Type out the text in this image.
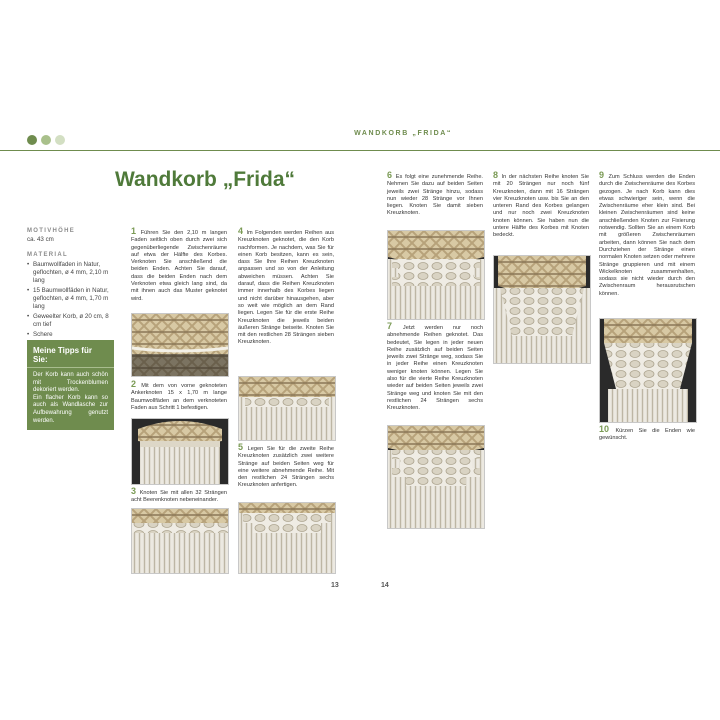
WANDKORB „FRIDA“
Wandkorb „Frida“
MOTIVHÖHE
ca. 43 cm
MATERIAL
• Baumwollfaden in Natur, geflochten, ø 4 mm, 2,10 m lang
• 15 Baumwollfäden in Natur, geflochten, ø 4 mm, 1,70 m lang
• Geweelter Korb, ø 20 cm, 8 cm tief
• Schere
Meine Tipps für Sie:
Der Korb kann auch schön mit Trockenblumen dekoriert werden.
Ein flacher Korb kann so auch als Wandlasche zur Aufbewahrung genutzt werden.
1 Führen Sie den 2,10 m langen Faden seitlich oben durch zwei sich gegenüberliegende Zwischenräume auf etwa der Hälfte des Korbes. Verknoten Sie anschließend die beiden Enden. Achten Sie darauf, dass die beiden Enden nach dem Verknoten etwa gleich lang sind, da mit ihnen auch das Muster geknotet wird.
2 Mit dem von vorne geknoteten Ankerknoten 15 x 1,70 m lange Baumwollfäden an dem verknoteten Faden aus Schritt 1 befestigen.
3 Knoten Sie mit allen 32 Strängen acht Beerenknoten nebeneinander.
4 Im Folgenden werden Reihen aus Kreuzknoten geknotet, die den Korb nachformen. Je nachdem, was Sie für einen Korb besitzen, kann es sein, dass Sie Ihre Reihen Kreuzknoten anpassen und so von der Anleitung abweichen müssen. Achten Sie darauf, dass die Reihen Kreuzknoten immer innerhalb des Korbes liegen und nicht darüber hinausgehen, aber so weit wie möglich an dem Rand liegen. Legen Sie für die erste Reihe Kreuzknoten die jeweils beiden äußeren Stränge beiseite. Knoten Sie mit den restlichen 28 Strängen sieben Kreuzknoten.
5 Legen Sie für die zweite Reihe Kreuzknoten zusätzlich zwei weitere Stränge auf beiden Seiten weg für eine weitere abnehmende Reihe. Mit den restlichen 24 Strängen sechs Kreuzknoten anfertigen.
6 Es folgt eine zunehmende Reihe. Nehmen Sie dazu auf beiden Seiten jeweils zwei Stränge hinzu, sodass nun wieder 28 Stränge vor Ihnen liegen. Knoten Sie damit sieben Kreuzknoten.
7 Jetzt werden nur noch abnehmende Reihen geknotet. Das bedeutet, Sie legen in jeder neuen Reihe zusätzlich auf beiden Seiten jeweils zwei Stränge weg, sodass Sie in jeder Reihe einen Kreuzknoten weniger knoten können. Legen Sie also für die vierte Reihe Kreuzknoten wieder auf beiden Seiten jeweils zwei Stränge weg und knoten Sie mit den restlichen 24 Strängen sechs Kreuzknoten.
8 In der nächsten Reihe knoten Sie mit 20 Strängen nur noch fünf Kreuzknoten, dann mit 16 Strängen vier Kreuzknoten usw. bis Sie an den unteren Rand des Korbes gelangen und nur noch zwei Kreuzknoten knoten können. Sie haben nun die untere Hälfte des Korbes mit Knoten bedeckt.
9 Zum Schluss werden die Enden durch die Zwischenräume des Korbes gezogen. Je nach Korb kann dies etwas schwieriger sein, wenn die Zwischenräume eher klein sind. Bei kleinen Zwischenräumen sind keine anschließenden Knoten zur Fixierung notwendig. Sollten Sie an einem Korb mit größeren Zwischenräumen arbeiten, dann können Sie nach dem Durchziehen der Stränge einen normalen Knoten setzen oder mehrere Stränge gruppieren und mit einem Wickelknoten zusammenhalten, sodass sie nicht wieder durch den Zwischenraum herausrutschen können.
10 Kürzen Sie die Enden wie gewünscht.
13	14
